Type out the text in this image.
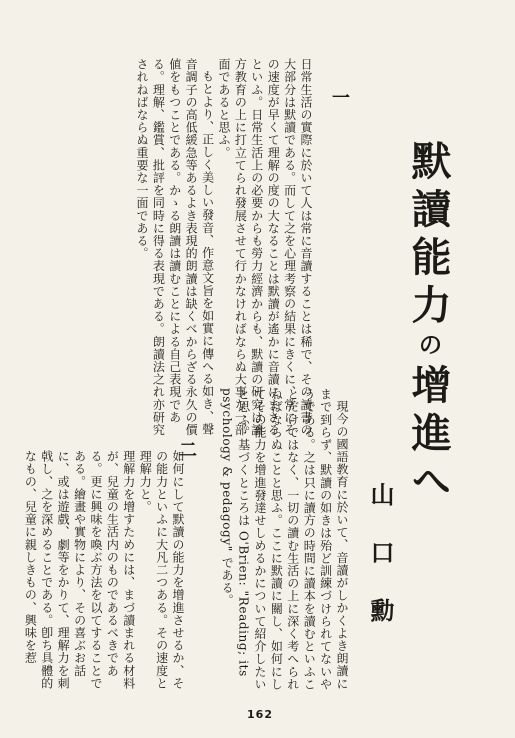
默讀能力の增進へ
山口勳
一

日常生活の實際に於いて人は常に音讀することは稀で、その讀書の大部分は默讀である。而して之を心理考察の結果にきくに、常にその速度が早くて理解の度の大なることは默讀が遙かに音讀にまさるといふ。日常生活上の必要からも勞力經濟からも、默讀の研究は讀方教育の上に打立てられ發展させて行かなければならぬ大事な一部面であると思ふ。

もとより、正しく美しい發音、作意文旨を如實に傳へる如き、聲音調子の高低緩急等あるよき表現的朗讀は缺くべからざる永久の價値をもつことである。かゝる朗讀は讀むことによる自己表現である。理解、鑑賞、批評を同時に得る表現である。朗讀法之れ亦研究されねばならぬ重要な一面である。

現今の國語教育に於いて、音讀がしかくよき朗讀にまで到らず、默讀の如きは殆ど訓練づけられてないやうである。之は只に讀方の時間に讀本を讀むといふことだけではなく、一切の讀む生活の上に深く考へられねばならぬことと思ふ。ここに默讀に關し、如何にしてその能力を增進發達せしめるかについて紹介したいと思ふ。基づくところは O'Brien: "Reading; its psychology & pedagogy" である。

二

如何にして默讀の能力を增進させるか、その能力といふに大凡二つある。その速度と理解力と。

理解力を增すためには、まづ讀まれる材料が、兒童の生活内のものであるべきである。更に興味を喚ぶ方法を以てすることである。繪畫や實物により、その喜ぶお話に、或は遊戲、劇等をかりて、理解力を刺戟し、之を深めることである。卽ち具體的なもの、兒童に親しきもの、興味を惹

162
